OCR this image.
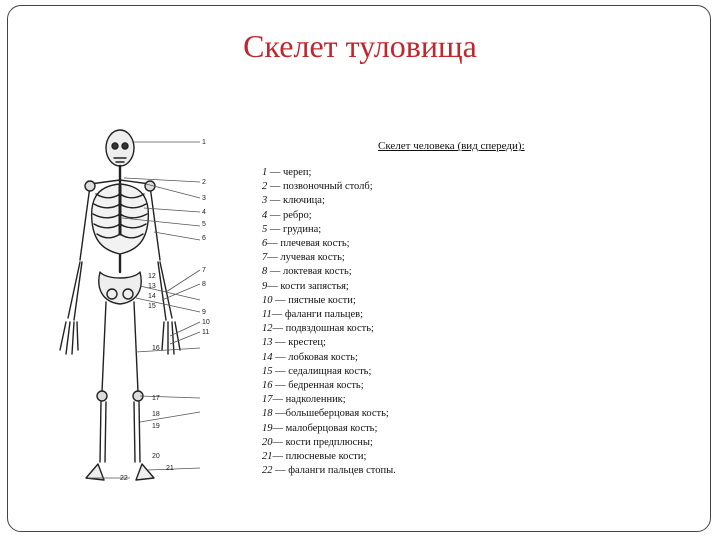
Скелет туловища
1
2
3
4
5
6
7
8
9
10
11
12
13
14
15
16
17
18
19
20
21
22
Скелет человека (вид спереди):
1 — череп;
2 — позвоночный столб;
3 — ключица;
4 — ребро;
5 — грудина;
6— плечевая кость;
7— лучевая кость;
8 — локтевая кость;
9— кости запястья;
10 — пястные кости;
11— фаланги пальцев;
12— подвздошная кость;
13 — крестец;
14 — лобковая кость;
15 — седалищная кость;
16 — бедренная кость;
17— надколенник;
18 —большеберцовая кость;
19— малоберцовая кость;
20— кости предплюсны;
21— плюсневые кости;
22 — фаланги пальцев стопы.
